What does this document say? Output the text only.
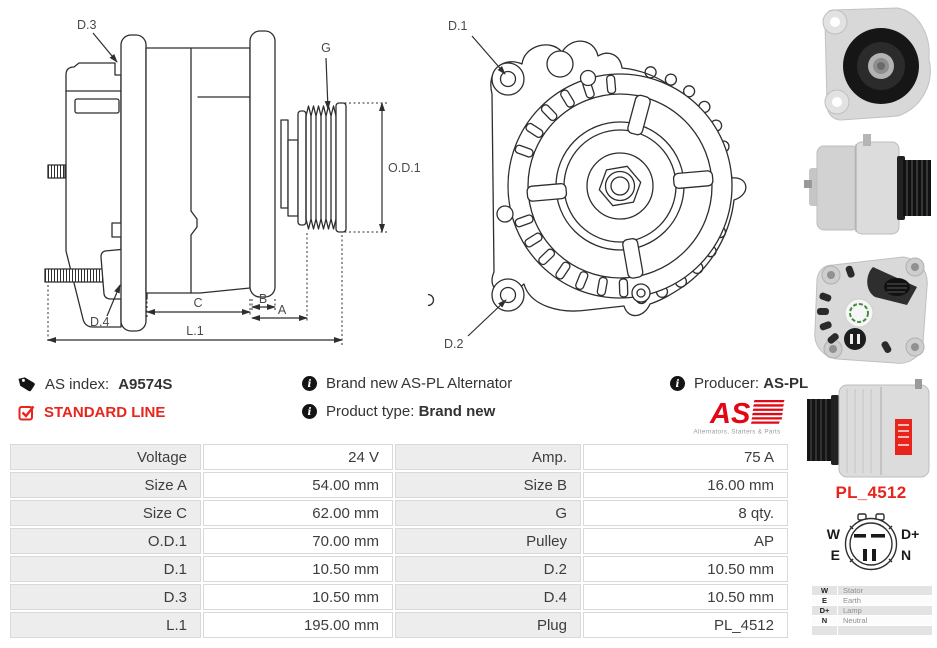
D.3
G
O.D.1
D.4
C	B
A
L.1
D.1
D.2
AS index: A9574S
STANDARD LINE
i Brand new AS-PL Alternator
i Product type: Brand new
i Producer: AS-PL
AS
Alternators, Starters & Parts
Voltage	24 V	Amp.	75 A
Size A	54.00 mm	Size B	16.00 mm
Size C	62.00 mm	G	8 qty.
O.D.1	70.00 mm	Pulley	AP
D.1	10.50 mm	D.2	10.50 mm
D.3	10.50 mm	D.4	10.50 mm
L.1	195.00 mm	Plug	PL_4512
PL_4512
W
E
D+
N
W	Stator
E	Earth
D+	Lamp
N	Neutral
